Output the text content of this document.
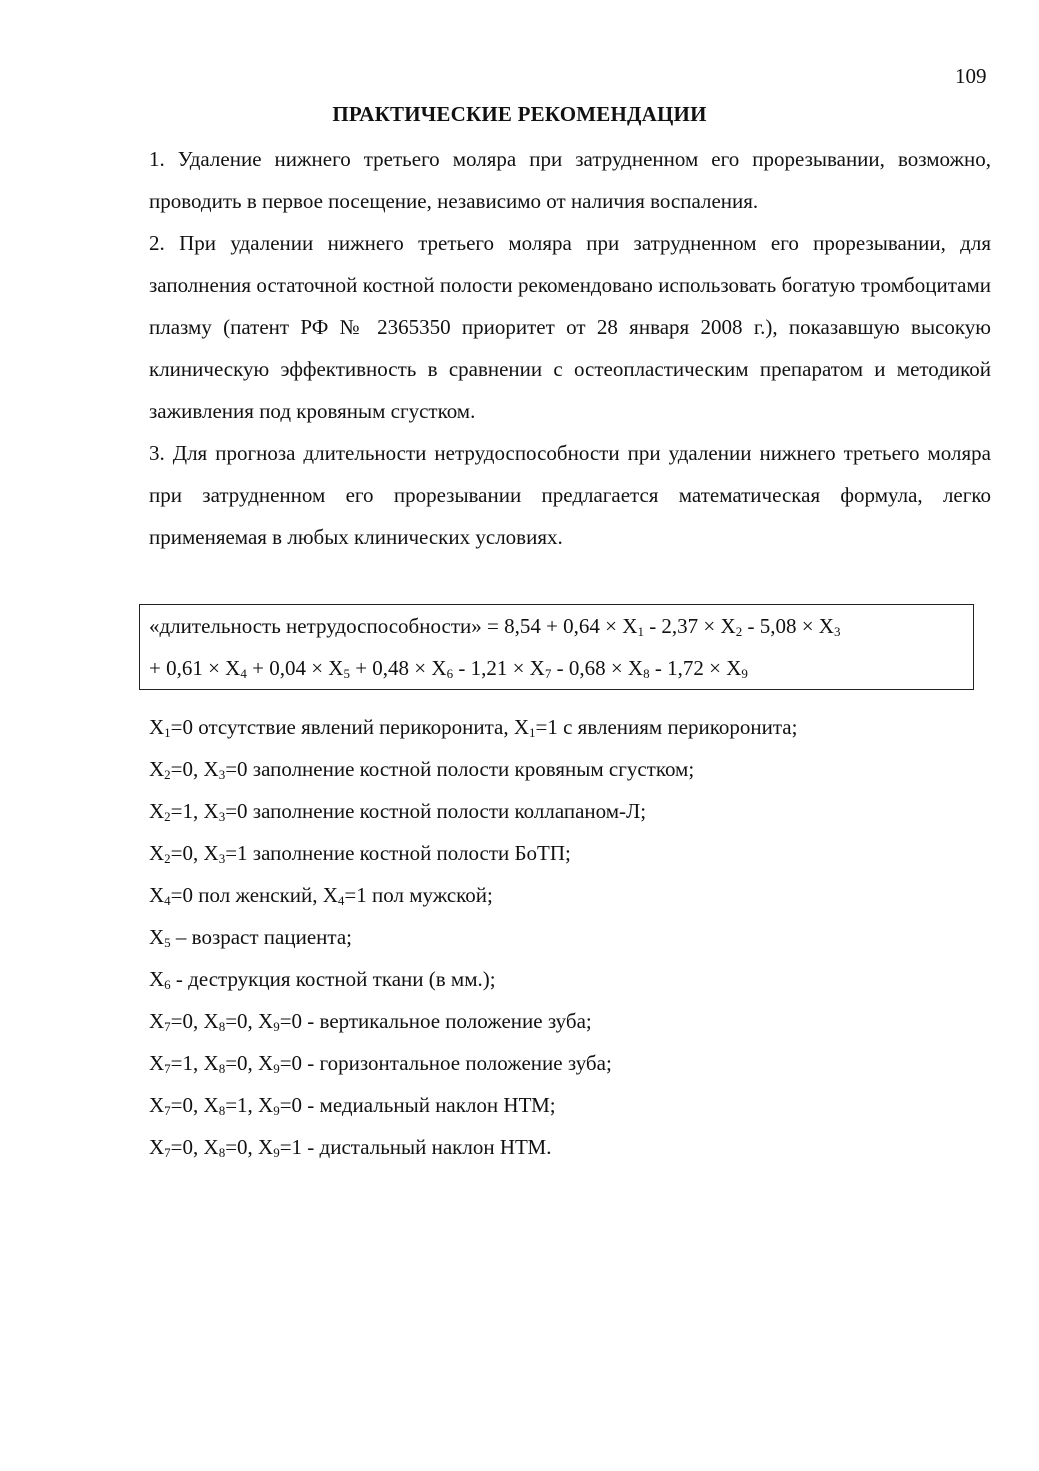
109
ПРАКТИЧЕСКИЕ РЕКОМЕНДАЦИИ

1. Удаление нижнего третьего моляра при затрудненном его прорезывании, возможно, проводить в первое посещение, независимо от наличия воспаления.

2. При удалении нижнего третьего моляра при затрудненном его прорезывании, для заполнения остаточной костной полости рекомендовано использовать богатую тромбоцитами плазму (патент РФ № 2365350 приоритет от 28 января 2008 г.), показавшую высокую клиническую эффективность в сравнении с остеопластическим препаратом и методикой заживления под кровяным сгустком.

3. Для прогноза длительности нетрудоспособности при удалении нижнего третьего моляра при затрудненном его прорезывании предлагается математическая формула, легко применяемая в любых клинических условиях.

«длительность нетрудоспособности» = $8,54 + 0,64 \times X_1 - 2,37 \times X_2 - 5,08 \times X_3$

+ $0,61 \times X_4 + 0,04 \times X_5 + 0,48 \times X_6 - 1,21 \times X_7 - 0,68 \times X_8 - 1,72 \times X_9$

$X_1=0$ отсутствие явлений перикоронита, $X_1=1$ с явлениям перикоронита;

$X_2=0$, $X_3=0$ заполнение костной полости кровяным сгустком;

$X_2=1$, $X_3=0$ заполнение костной полости коллапаном-Л;

$X_2=0$, $X_3=1$ заполнение костной полости БоТП;

$X_4=0$ пол женский, $X_4=1$ пол мужской;

$X_5$ – возраст пациента;

$X_6$ - деструкция костной ткани (в мм.);

$X_7=0$, $X_8=0$, $X_9=0$ - вертикальное положение зуба;

$X_7=1$, $X_8=0$, $X_9=0$ - горизонтальное положение зуба;

$X_7=0$, $X_8=1$, $X_9=0$ - медиальный наклон НТМ;

$X_7=0$, $X_8=0$, $X_9=1$ - дистальный наклон НТМ.
